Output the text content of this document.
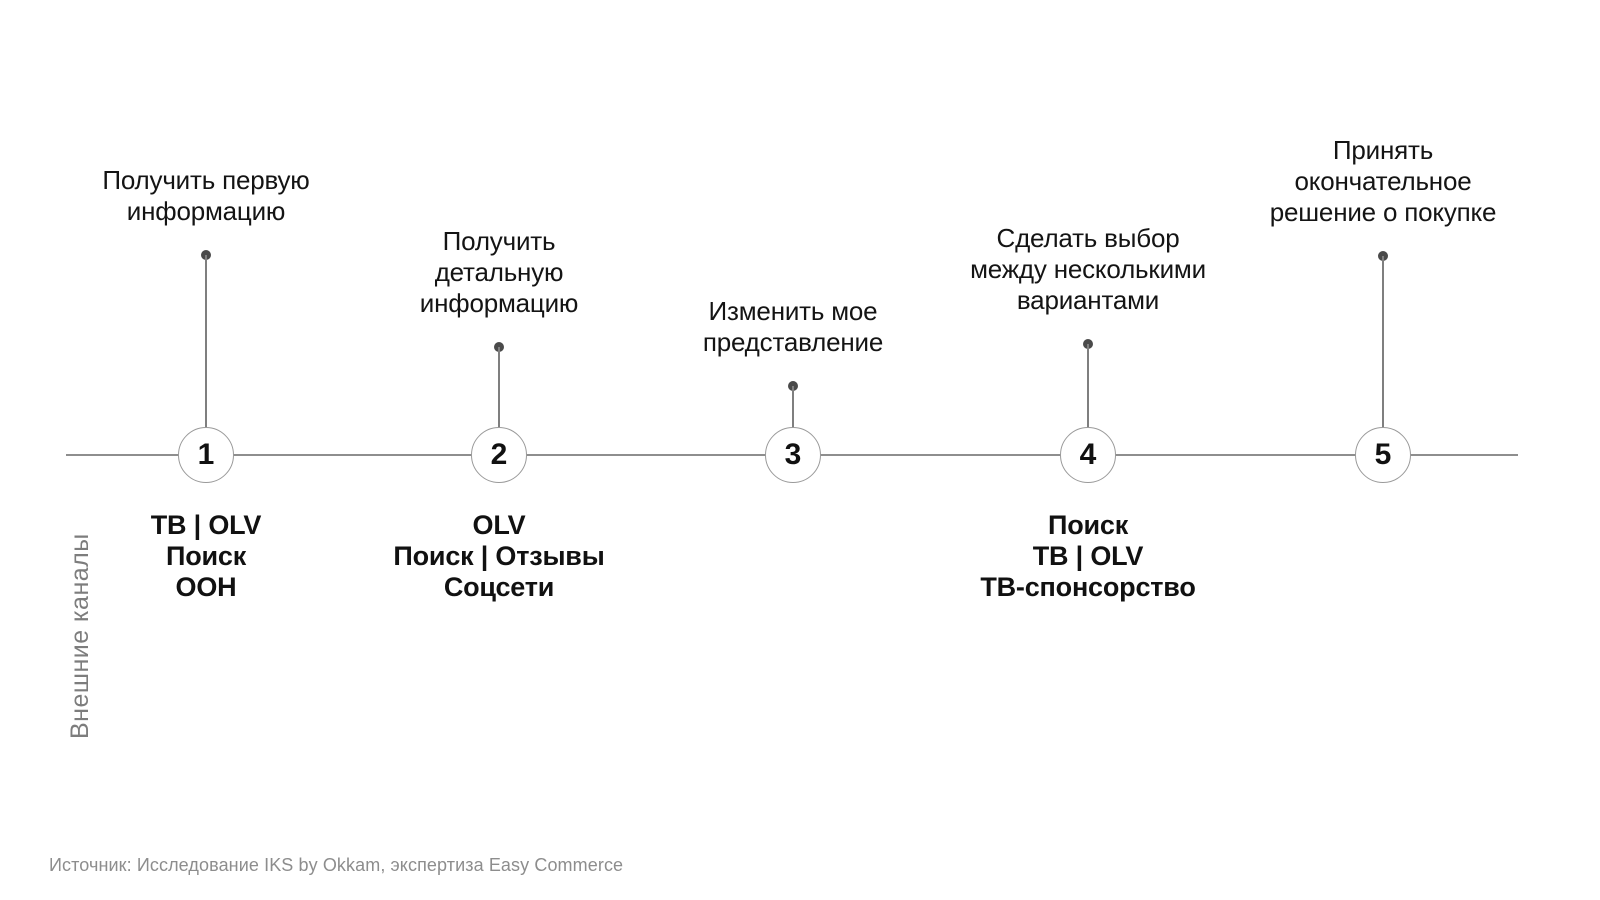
Получить первую
информацию
1
ТВ | OLV
Поиск
OOH
Получить
детальную
информацию
2
OLV
Поиск | Отзывы
Соцсети
Изменить мое
представление
3
Сделать выбор
между несколькими
вариантами
4
Поиск
ТВ | OLV
ТВ-спонсорство
Принять
окончательное
решение о покупке
5
Внешние каналы
Источник: Исследование IKS by Okkam, экспертиза Easy Commerce
